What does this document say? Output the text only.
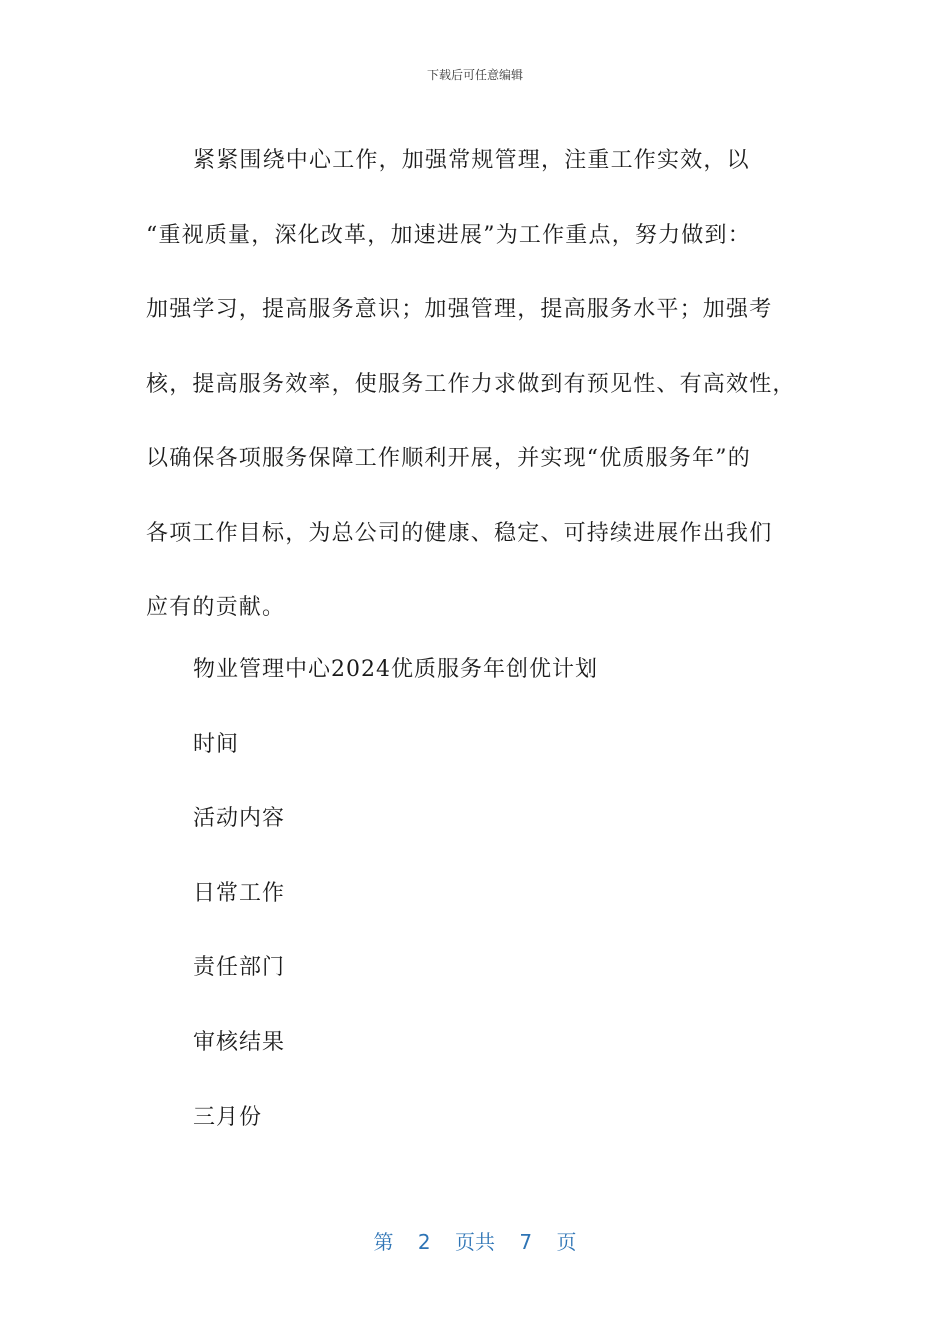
下载后可任意编辑
紧紧围绕中心工作，加强常规管理，注重工作实效，以
“重视质量，深化改革，加速进展”为工作重点，努力做到：
加强学习，提高服务意识；加强管理，提高服务水平；加强考
核，提高服务效率，使服务工作力求做到有预见性、有高效性，
以确保各项服务保障工作顺利开展，并实现“优质服务年”的
各项工作目标，为总公司的健康、稳定、可持续进展作出我们
应有的贡献。
物业管理中心2024优质服务年创优计划
时间
活动内容
日常工作
责任部门
审核结果
三月份
第 2 页共 7 页
